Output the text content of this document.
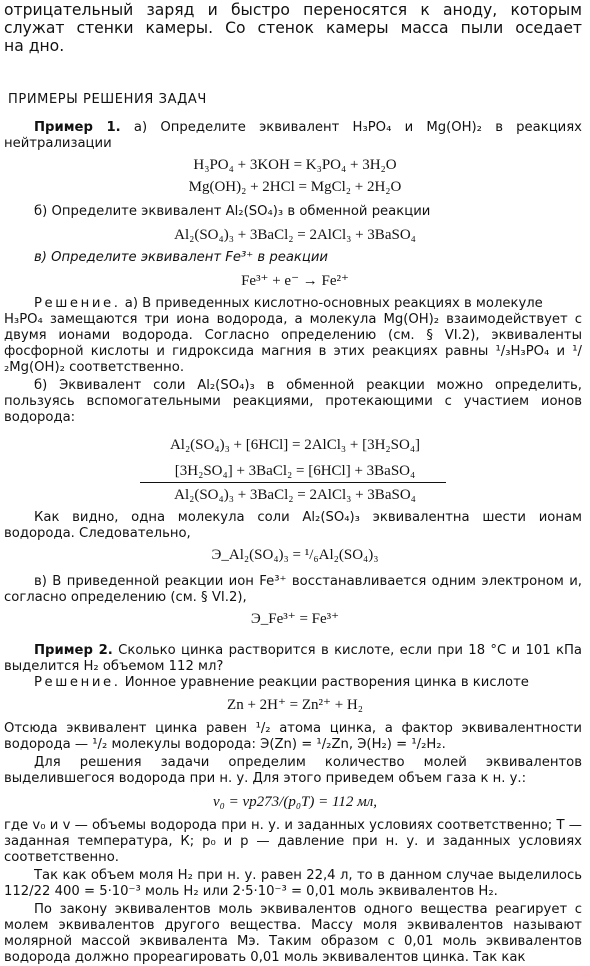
отрицательный заряд и быстро переносятся к аноду, которым
служат стенки камеры. Со стенок камеры масса пыли оседает
на дно.
ПРИМЕРЫ РЕШЕНИЯ ЗАДАЧ
Пример 1. а) Определите эквивалент H₃PO₄ и Mg(OH)₂ в реакциях нейтрализации
H₃PO₄ + 3KOH = K₃PO₄ + 3H₂O
Mg(OH)₂ + 2HCl = MgCl₂ + 2H₂O
б) Определите эквивалент Al₂(SO₄)₃ в обменной реакции
Al₂(SO₄)₃ + 3BaCl₂ = 2AlCl₃ + 3BaSO₄
в) Определите эквивалент Fe³⁺ в реакции
Fe³⁺ + e⁻ → Fe²⁺
Решение. а) В приведенных кислотно-основных реакциях в молекуле
H₃PO₄ замещаются три иона водорода, а молекула Mg(OH)₂ взаимодействует с двумя ионами водорода. Согласно определению (см. § VI.2), эквиваленты фосфорной кислоты и гидроксида магния в этих реакциях равны ¹/₃H₃PO₄ и ¹/₂Mg(OH)₂ соответственно.
б) Эквивалент соли Al₂(SO₄)₃ в обменной реакции можно определить, пользуясь вспомогательными реакциями, протекающими с участием ионов водорода:
Al₂(SO₄)₃ + [6HCl] = 2AlCl₃ + [3H₂SO₄]
[3H₂SO₄] + 3BaCl₂ = [6HCl] + 3BaSO₄
Al₂(SO₄)₃ + 3BaCl₂ = 2AlCl₃ + 3BaSO₄
Как видно, одна молекула соли Al₂(SO₄)₃ эквивалентна шести ионам водорода. Следовательно,
Э_Al₂(SO₄)₃ = ¹/₆Al₂(SO₄)₃
в) В приведенной реакции ион Fe³⁺ восстанавливается одним электроном и, согласно определению (см. § VI.2),
Э_Fe³⁺ = Fe³⁺
Пример 2. Сколько цинка растворится в кислоте, если при 18 °С и 101 кПа выделится H₂ объемом 112 мл?
Решение. Ионное уравнение реакции растворения цинка в кислоте
Zn + 2H⁺ = Zn²⁺ + H₂
Отсюда эквивалент цинка равен ¹/₂ атома цинка, а фактор эквивалентности водорода — ¹/₂ молекулы водорода: Э(Zn) = ¹/₂Zn, Э(H₂) = ¹/₂H₂.
Для решения задачи определим количество молей эквивалентов выделившегося водорода при н. у. Для этого приведем объем газа к н. у.:
v₀ = vp273/(p₀T) = 112 мл,
где v₀ и v — объемы водорода при н. у. и заданных условиях соответственно; T — заданная температура, К; p₀ и p — давление при н. у. и заданных условиях соответственно.
Так как объем моля H₂ при н. у. равен 22,4 л, то в данном случае выделилось 112/22 400 = 5·10⁻³ моль H₂ или 2·5·10⁻³ = 0,01 моль эквивалентов H₂.
По закону эквивалентов моль эквивалентов одного вещества реагирует с молем эквивалентов другого вещества. Массу моля эквивалентов называют молярной массой эквивалента Mэ. Таким образом с 0,01 моль эквивалентов водорода должно прореагировать 0,01 моль эквивалентов цинка. Так как
